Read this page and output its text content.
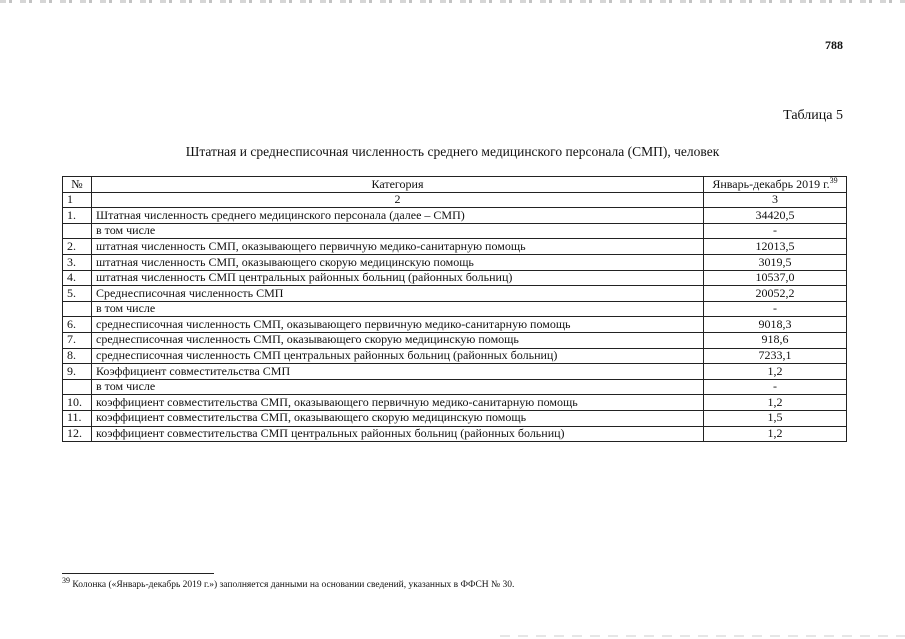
788
Таблица 5
Штатная и среднесписочная численность среднего медицинского персонала (СМП), человек
№	Категория	Январь-декабрь 2019 г.$^{39}$
1	2	3
1.	Штатная численность среднего медицинского персонала (далее – СМП)	34420,5
	в том числе	-
2.	штатная численность СМП, оказывающего первичную медико-санитарную помощь	12013,5
3.	штатная численность СМП, оказывающего скорую медицинскую помощь	3019,5
4.	штатная численность СМП центральных районных больниц (районных больниц)	10537,0
5.	Среднесписочная численность СМП	20052,2
	в том числе	-
6.	среднесписочная численность СМП, оказывающего первичную медико-санитарную помощь	9018,3
7.	среднесписочная численность СМП, оказывающего скорую медицинскую помощь	918,6
8.	среднесписочная численность СМП центральных районных больниц (районных больниц)	7233,1
9.	Коэффициент совместительства СМП	1,2
	в том числе	-
10.	коэффициент совместительства СМП, оказывающего первичную медико-санитарную помощь	1,2
11.	коэффициент совместительства СМП, оказывающего скорую медицинскую помощь	1,5
12.	коэффициент совместительства СМП центральных районных больниц (районных больниц)	1,2
$^{39}$ Колонка («Январь-декабрь 2019 г.») заполняется данными на основании сведений, указанных в ФФСН № 30.
